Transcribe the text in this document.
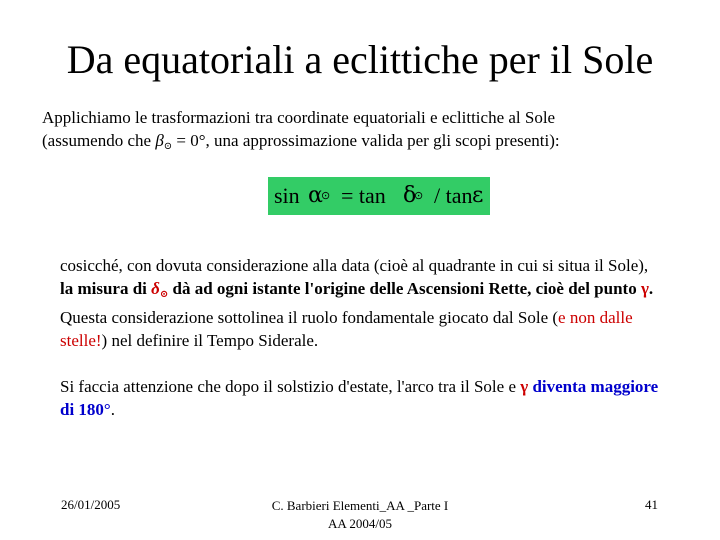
Da equatoriali a eclittiche per il Sole
Applichiamo le trasformazioni tra coordinate equatoriali e eclittiche al Sole
(assumendo che β⊙ = 0°, una approssimazione valida per gli scopi presenti):
sin α
⊙ = tan δ
⊙ / tan ε

cosicché, con dovuta considerazione alla data (cioè al quadrante in cui si situa il Sole), la misura di δ⊙ dà ad ogni istante l'origine delle Ascensioni Rette, cioè del punto γ.

Questa considerazione sottolinea il ruolo fondamentale giocato dal Sole (e non dalle stelle!) nel definire il Tempo Siderale.

Si faccia attenzione che dopo il solstizio d'estate, l'arco tra il Sole e γ diventa maggiore di 180°.

26/01/2005	C. Barbieri Elementi_AA _Parte I
AA 2004/05
41
